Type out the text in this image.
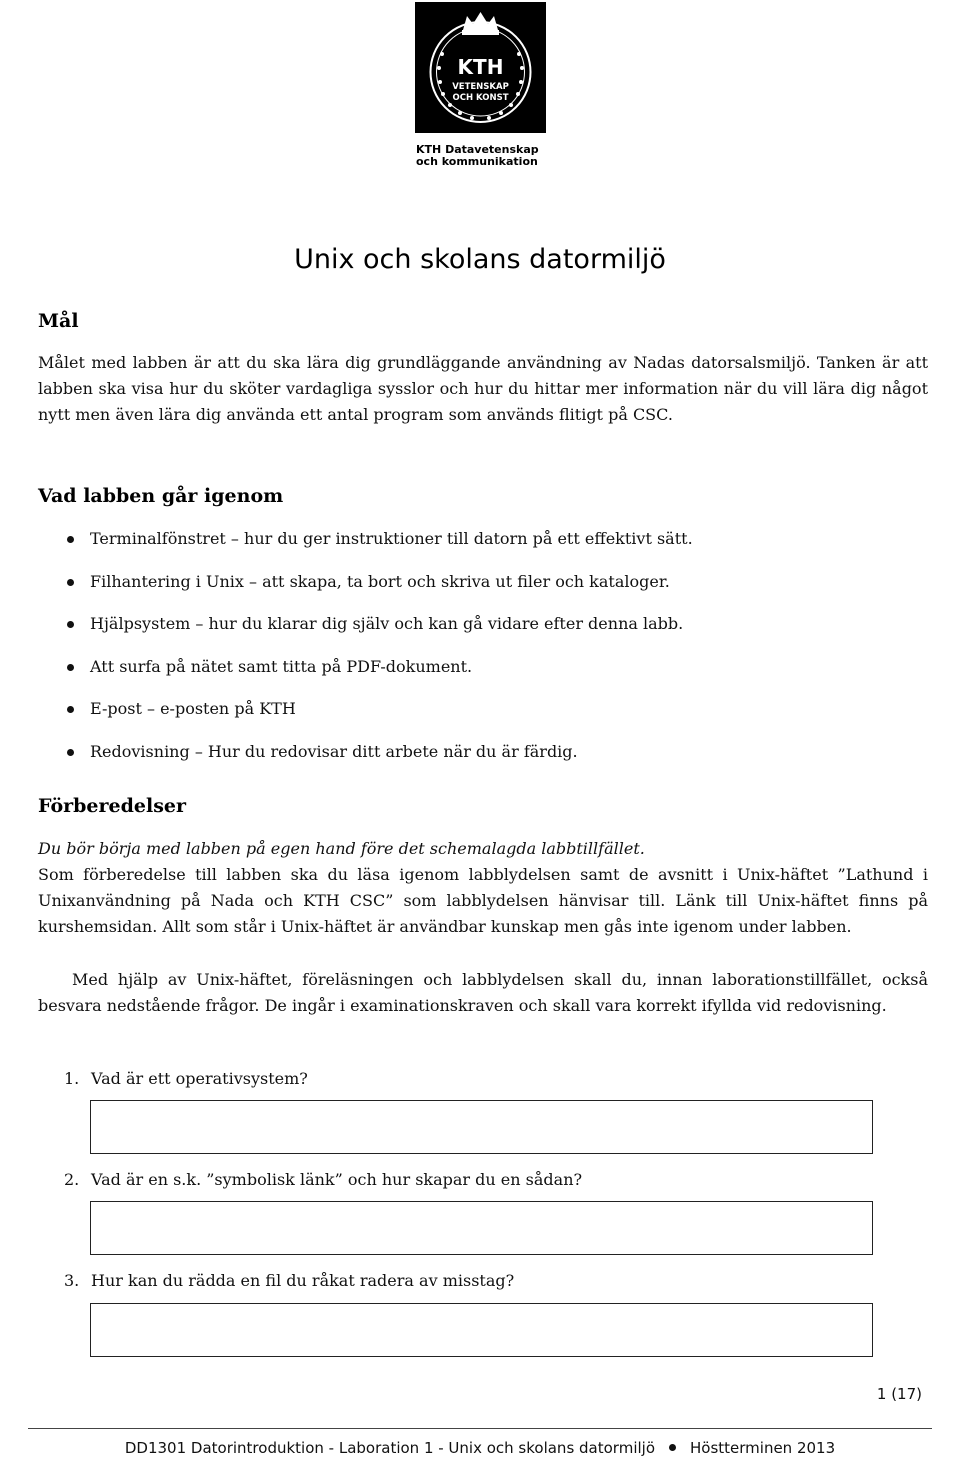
KTH
VETENSKAP
OCH KONST
KTH Datavetenskap
och kommunikation
Unix och skolans datormiljö
Mål

Målet med labben är att du ska lära dig grundläggande användning av Nadas datorsalsmiljö. Tanken är att labben ska visa hur du sköter vardagliga sysslor och hur du hittar mer information när du vill lära dig något nytt men även lära dig använda ett antal program som används flitigt på CSC.

Vad labben går igenom
Terminalfönstret – hur du ger instruktioner till datorn på ett effektivt sätt.
Filhantering i Unix – att skapa, ta bort och skriva ut filer och kataloger.
Hjälpsystem – hur du klarar dig själv och kan gå vidare efter denna labb.
Att surfa på nätet samt titta på PDF-dokument.
E-post – e-posten på KTH
Redovisning – Hur du redovisar ditt arbete när du är färdig.
Förberedelser

Du bör börja med labben på egen hand före det schemalagda labbtillfället.

Som förberedelse till labben ska du läsa igenom labblydelsen samt de avsnitt i Unix-häftet ”Lathund i Unixanvändning på Nada och KTH CSC” som labblydelsen hänvisar till. Länk till Unix-häftet finns på kurshemsidan. Allt som står i Unix-häftet är användbar kunskap men gås inte igenom under labben.

Med hjälp av Unix-häftet, föreläsningen och labblydelsen skall du, innan laborationstillfället, också besvara nedstående frågor. De ingår i examinationskraven och skall vara korrekt ifyllda vid redovisning.

1. Vad är ett operativsystem?
2. Vad är en s.k. ”symbolisk länk” och hur skapar du en sådan?
3. Hur kan du rädda en fil du råkat radera av misstag?
1 (17)
DD1301 Datorintroduktion - Laboration 1 - Unix och skolans datormiljö Höstterminen 2013
